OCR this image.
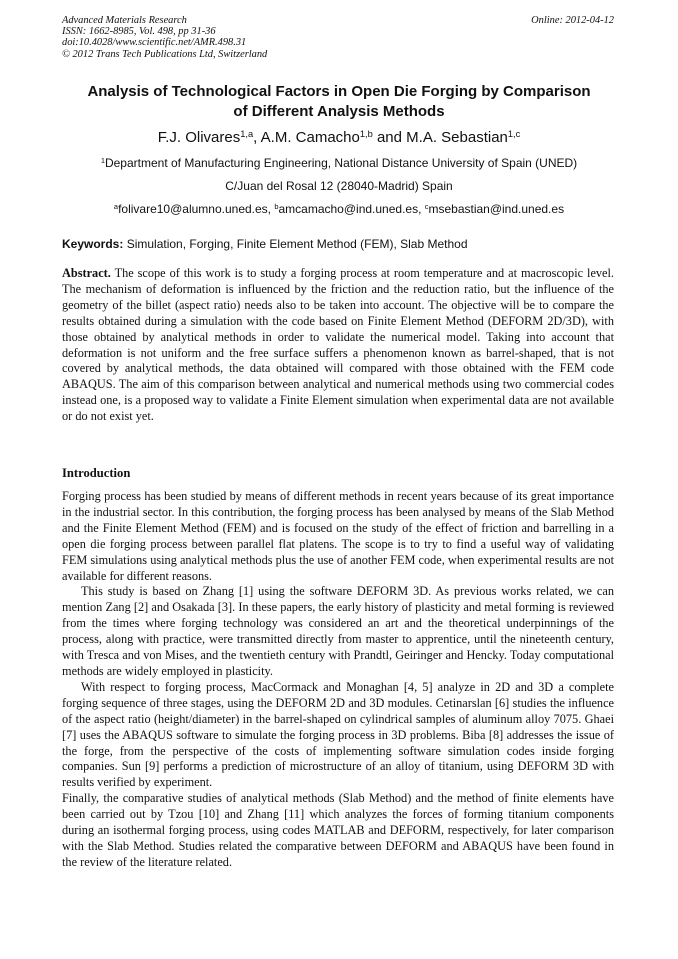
Advanced Materials Research
ISSN: 1662-8985, Vol. 498, pp 31-36
doi:10.4028/www.scientific.net/AMR.498.31
© 2012 Trans Tech Publications Ltd, Switzerland
Online: 2012-04-12
Analysis of Technological Factors in Open Die Forging by Comparison
of Different Analysis Methods
F.J. Olivares$^{1,a}$, A.M. Camacho$^{1,b}$ and M.A. Sebastian$^{1,c}$
$^1$Department of Manufacturing Engineering, National Distance University of Spain (UNED)
C/Juan del Rosal 12 (28040-Madrid) Spain
$^a$folivare10@alumno.uned.es, $^b$amcamacho@ind.uned.es, $^c$msebastian@ind.uned.es
Keywords: Simulation, Forging, Finite Element Method (FEM), Slab Method

Abstract. The scope of this work is to study a forging process at room temperature and at macroscopic level. The mechanism of deformation is influenced by the friction and the reduction ratio, but the influence of the geometry of the billet (aspect ratio) needs also to be taken into account. The objective will be to compare the results obtained during a simulation with the code based on Finite Element Method (DEFORM 2D/3D), with those obtained by analytical methods in order to validate the numerical model. Taking into account that deformation is not uniform and the free surface suffers a phenomenon known as barrel-shaped, that is not covered by analytical methods, the data obtained will compared with those obtained with the FEM code ABAQUS. The aim of this comparison between analytical and numerical methods using two commercial codes instead one, is a proposed way to validate a Finite Element simulation when experimental data are not available or do not exist yet.

Introduction

Forging process has been studied by means of different methods in recent years because of its great importance in the industrial sector. In this contribution, the forging process has been analysed by means of the Slab Method and the Finite Element Method (FEM) and is focused on the study of the effect of friction and barrelling in a open die forging process between parallel flat platens. The scope is to try to find a useful way of validating FEM simulations using analytical methods plus the use of another FEM code, when experimental results are not available for different reasons.

This study is based on Zhang [1] using the software DEFORM 3D. As previous works related, we can mention Zang [2] and Osakada [3]. In these papers, the early history of plasticity and metal forming is reviewed from the times where forging technology was considered an art and the theoretical underpinnings of the process, along with practice, were transmitted directly from master to apprentice, until the nineteenth century, with Tresca and von Mises, and the twentieth century with Prandtl, Geiringer and Hencky. Today computational methods are widely employed in plasticity.

With respect to forging process, MacCormack and Monaghan [4, 5] analyze in 2D and 3D a complete forging sequence of three stages, using the DEFORM 2D and 3D modules. Cetinarslan [6] studies the influence of the aspect ratio (height/diameter) in the barrel-shaped on cylindrical samples of aluminum alloy 7075. Ghaei [7] uses the ABAQUS software to simulate the forging process in 3D problems. Biba [8] addresses the issue of the forge, from the perspective of the costs of implementing software simulation codes inside forging companies. Sun [9] performs a prediction of microstructure of an alloy of titanium, using DEFORM 3D with results verified by experiment.

Finally, the comparative studies of analytical methods (Slab Method) and the method of finite elements have been carried out by Tzou [10] and Zhang [11] which analyzes the forces of forming titanium components during an isothermal forging process, using codes MATLAB and DEFORM, respectively, for later comparison with the Slab Method. Studies related the comparative between DEFORM and ABAQUS have been found in the review of the literature related.
